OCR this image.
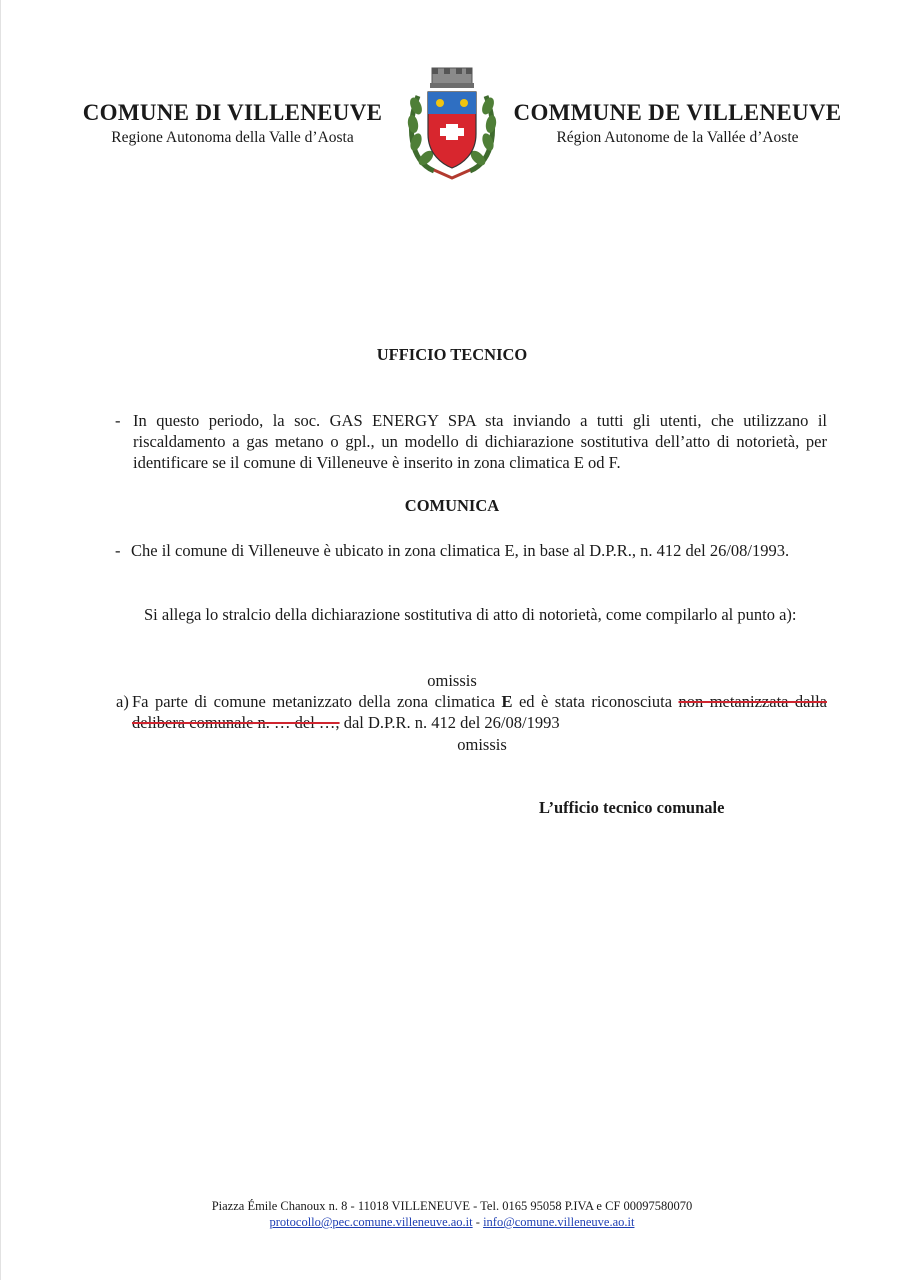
COMUNE DI VILLENEUVE
Regione Autonoma della Valle d’Aosta
COMMUNE DE VILLENEUVE
Région Autonome de la Vallée d’Aoste
UFFICIO TECNICO
- In questo periodo, la soc. GAS ENERGY SPA sta inviando a tutti gli utenti, che utilizzano il riscaldamento a gas metano o gpl., un modello di dichiarazione sostitutiva dell’atto di notorietà, per identificare se il comune di Villeneuve è inserito in zona climatica E od F.
COMUNICA
- Che il comune di Villeneuve è ubicato in zona climatica E, in base al D.P.R., n. 412 del 26/08/1993.
Si allega lo stralcio della dichiarazione sostitutiva di atto di notorietà, come compilarlo al punto a):
omissis
a) Fa parte di comune metanizzato della zona climatica E ed è stata riconosciuta non metanizzata dalla delibera comunale n. … del …, dal D.P.R. n. 412 del 26/08/1993
omissis
L’ufficio tecnico comunale
Piazza Émile Chanoux n. 8 - 11018 VILLENEUVE - Tel. 0165 95058 P.IVA e CF 00097580070
protocollo@pec.comune.villeneuve.ao.it - info@comune.villeneuve.ao.it
